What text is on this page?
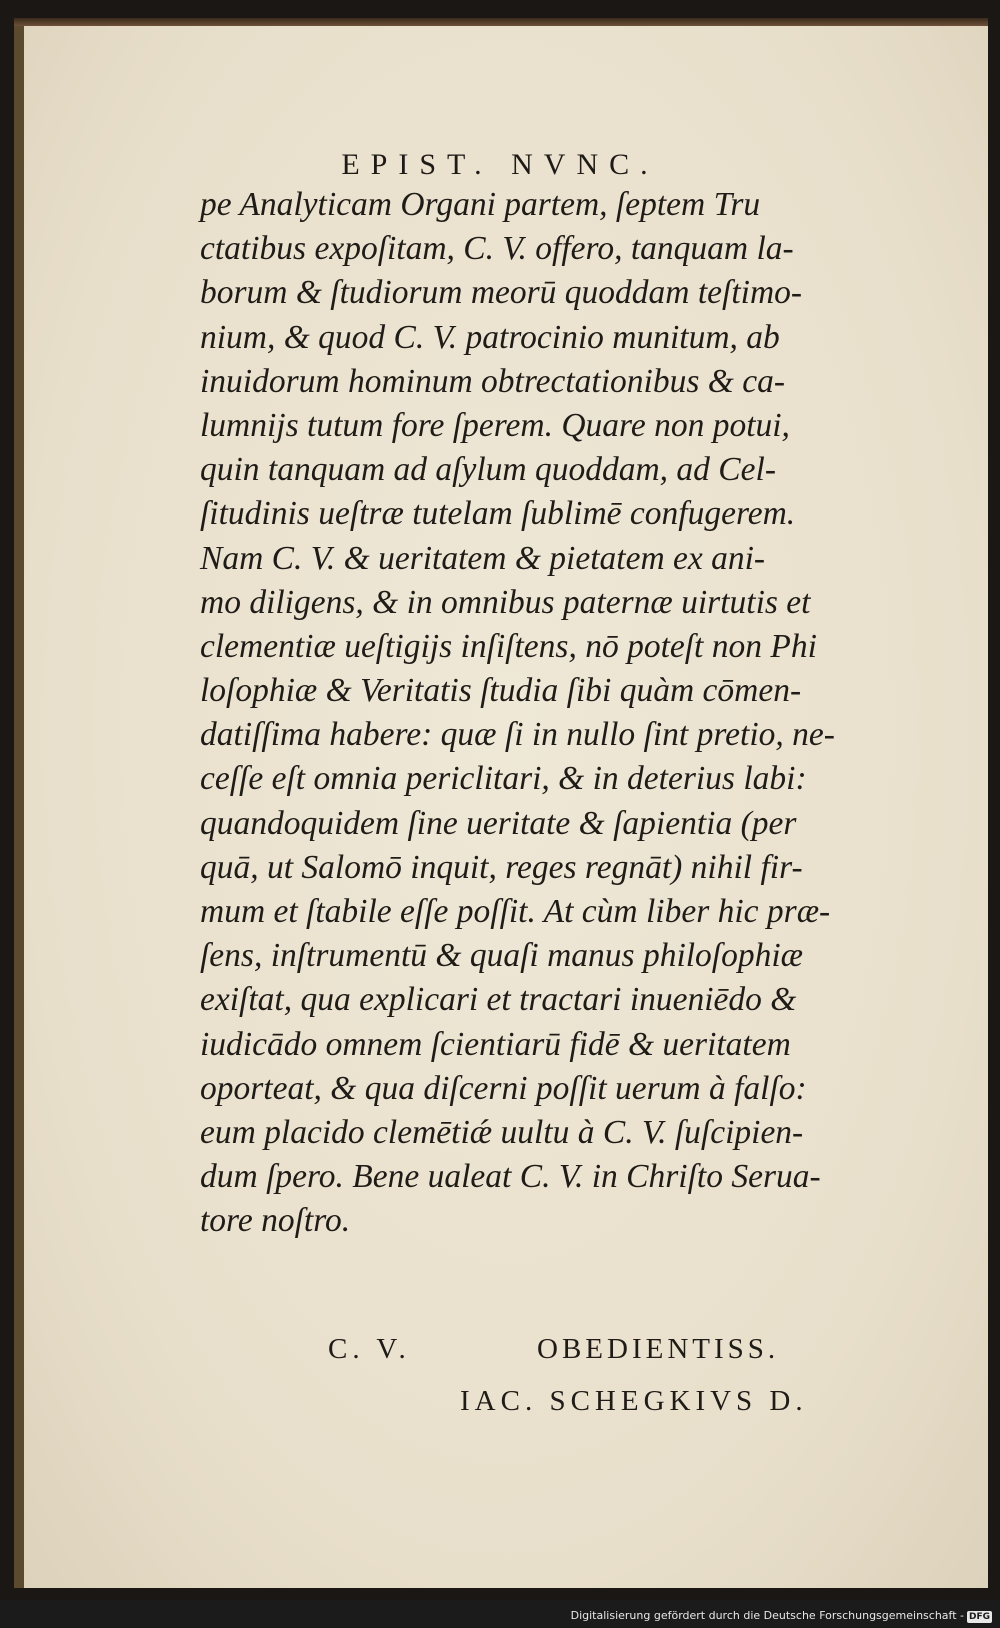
EPIST. NVNC.
pe Analyticam Organi partem, ſeptem Tru
ctatibus expoſitam, C. V. offero, tanquam la-
borum & ſtudiorum meorū quoddam teſtimo-
nium, & quod C. V. patrocinio munitum, ab
inuidorum hominum obtrectationibus & ca-
lumnijs tutum fore ſperem. Quare non potui,
quin tanquam ad aſylum quoddam, ad Cel-
ſitudinis ueſtræ tutelam ſublimē confugerem.
Nam C. V. & ueritatem & pietatem ex ani-
mo diligens, & in omnibus paternæ uirtutis et
clementiæ ueſtigijs inſiſtens, nō poteſt non Phi
loſophiæ & Veritatis ſtudia ſibi quàm cōmen-
datiſſima habere: quæ ſi in nullo ſint pretio, ne-
ceſſe eſt omnia periclitari, & in deterius labi:
quandoquidem ſine ueritate & ſapientia (per
quā, ut Salomō inquit, reges regnāt) nihil fir-
mum et ſtabile eſſe poſſit. At cùm liber hic præ-
ſens, inſtrumentū & quaſi manus philoſophiæ
exiſtat, qua explicari et tractari inueniēdo &
iudicādo omnem ſcientiarū fidē & ueritatem
oporteat, & qua diſcerni poſſit uerum à falſo:
eum placido clemētiǽ uultu à C. V. ſuſcipien-
dum ſpero. Bene ualeat C. V. in Chriſto Serua-
tore noſtro.
C. V.	OBEDIENTISS.
IAC. SCHEGKIVS D.
Digitalisierung gefördert durch die Deutsche Forschungsgemeinschaft - DFG
